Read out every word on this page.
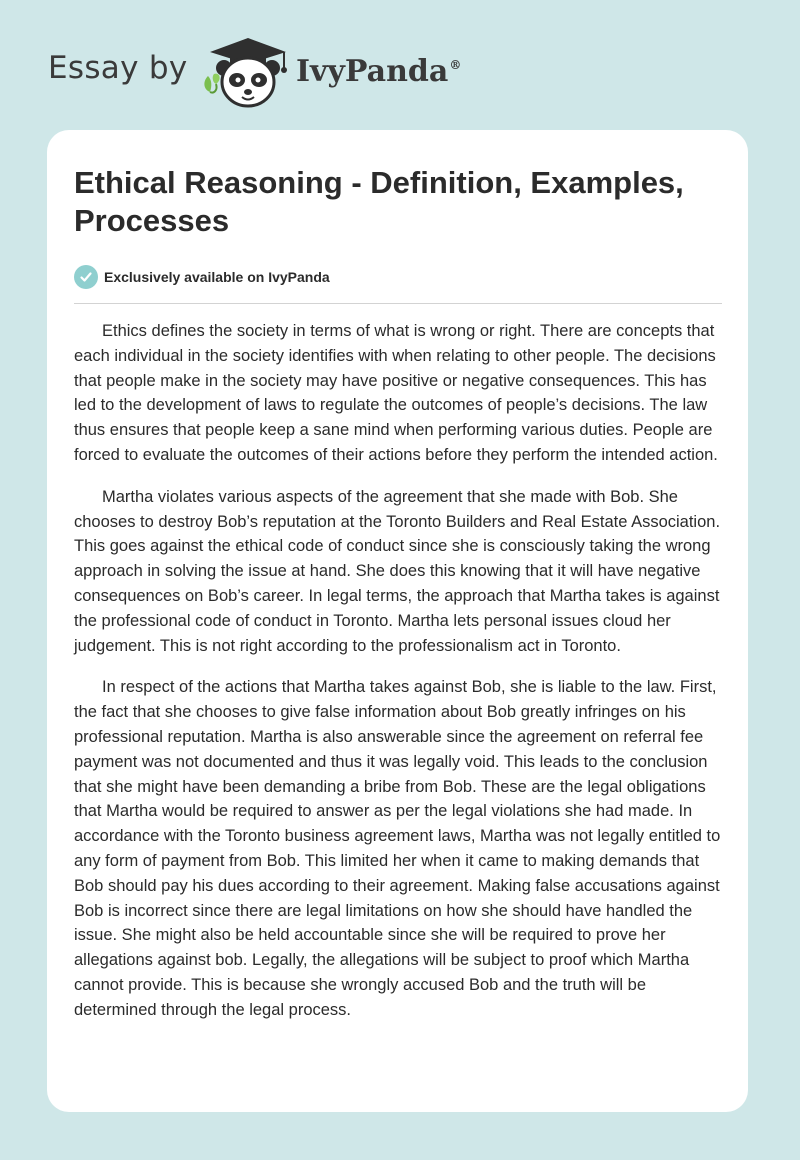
Essay by	IvyPanda®
Ethical Reasoning - Definition, Examples, Processes
Exclusively available on IvyPanda

Ethics defines the society in terms of what is wrong or right. There are concepts that each individual in the society identifies with when relating to other people. The decisions that people make in the society may have positive or negative consequences. This has led to the development of laws to regulate the outcomes of people’s decisions. The law thus ensures that people keep a sane mind when performing various duties. People are forced to evaluate the outcomes of their actions before they perform the intended action.

Martha violates various aspects of the agreement that she made with Bob. She chooses to destroy Bob’s reputation at the Toronto Builders and Real Estate Association. This goes against the ethical code of conduct since she is consciously taking the wrong approach in solving the issue at hand. She does this knowing that it will have negative consequences on Bob’s career. In legal terms, the approach that Martha takes is against the professional code of conduct in Toronto. Martha lets personal issues cloud her judgement. This is not right according to the professionalism act in Toronto.

In respect of the actions that Martha takes against Bob, she is liable to the law. First, the fact that she chooses to give false information about Bob greatly infringes on his professional reputation. Martha is also answerable since the agreement on referral fee payment was not documented and thus it was legally void. This leads to the conclusion that she might have been demanding a bribe from Bob. These are the legal obligations that Martha would be required to answer as per the legal violations she had made. In accordance with the Toronto business agreement laws, Martha was not legally entitled to any form of payment from Bob. This limited her when it came to making demands that Bob should pay his dues according to their agreement. Making false accusations against Bob is incorrect since there are legal limitations on how she should have handled the issue. She might also be held accountable since she will be required to prove her allegations against bob. Legally, the allegations will be subject to proof which Martha cannot provide. This is because she wrongly accused Bob and the truth will be determined through the legal process.
